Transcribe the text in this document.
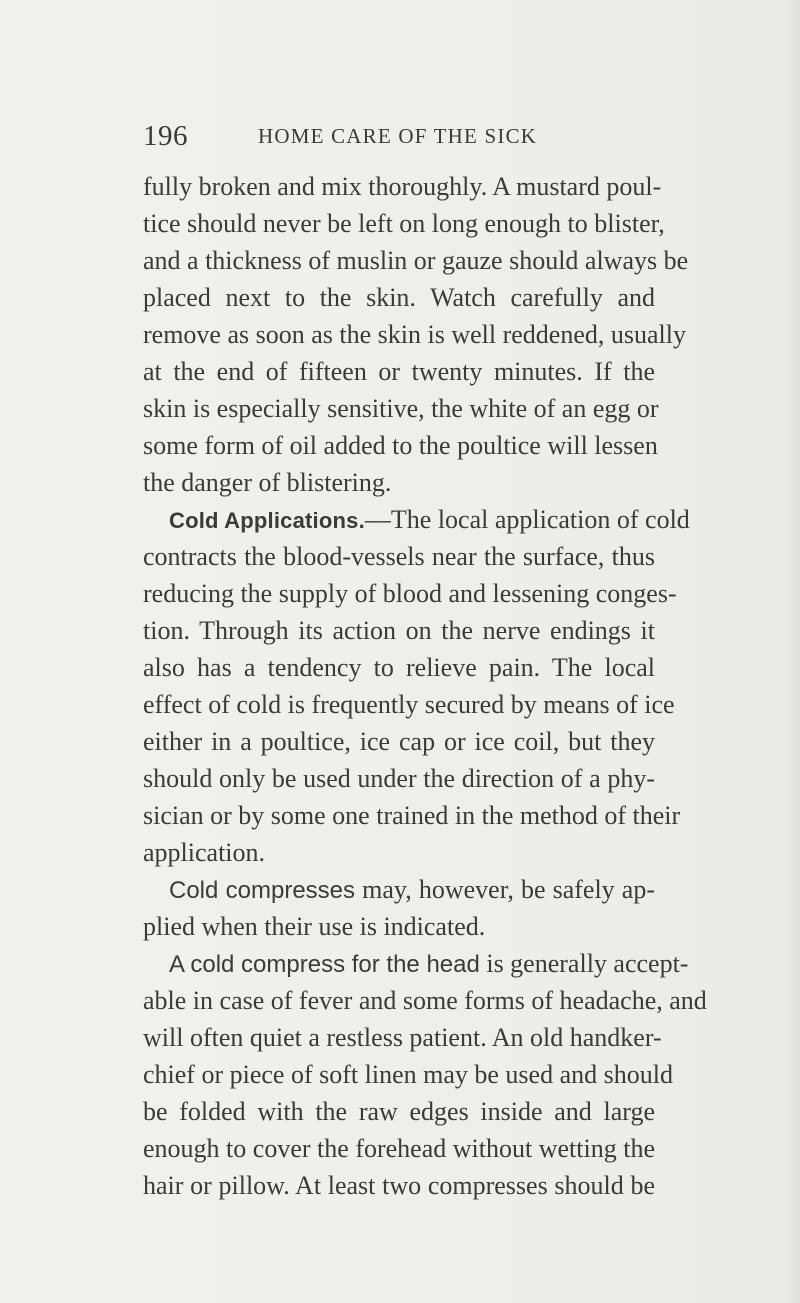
196	HOME CARE OF THE SICK
fully broken and mix thoroughly. A mustard poul-
tice should never be left on long enough to blister,
and a thickness of muslin or gauze should always be
placed next to the skin. Watch carefully and
remove as soon as the skin is well reddened, usually
at the end of fifteen or twenty minutes. If the
skin is especially sensitive, the white of an egg or
some form of oil added to the poultice will lessen
the danger of blistering.
Cold Applications.—The local application of cold
contracts the blood-vessels near the surface, thus
reducing the supply of blood and lessening conges-
tion. Through its action on the nerve endings it
also has a tendency to relieve pain. The local
effect of cold is frequently secured by means of ice
either in a poultice, ice cap or ice coil, but they
should only be used under the direction of a phy-
sician or by some one trained in the method of their
application.
Cold compresses may, however, be safely ap-
plied when their use is indicated.
A cold compress for the head is generally accept-
able in case of fever and some forms of headache, and
will often quiet a restless patient. An old handker-
chief or piece of soft linen may be used and should
be folded with the raw edges inside and large
enough to cover the forehead without wetting the
hair or pillow. At least two compresses should be
